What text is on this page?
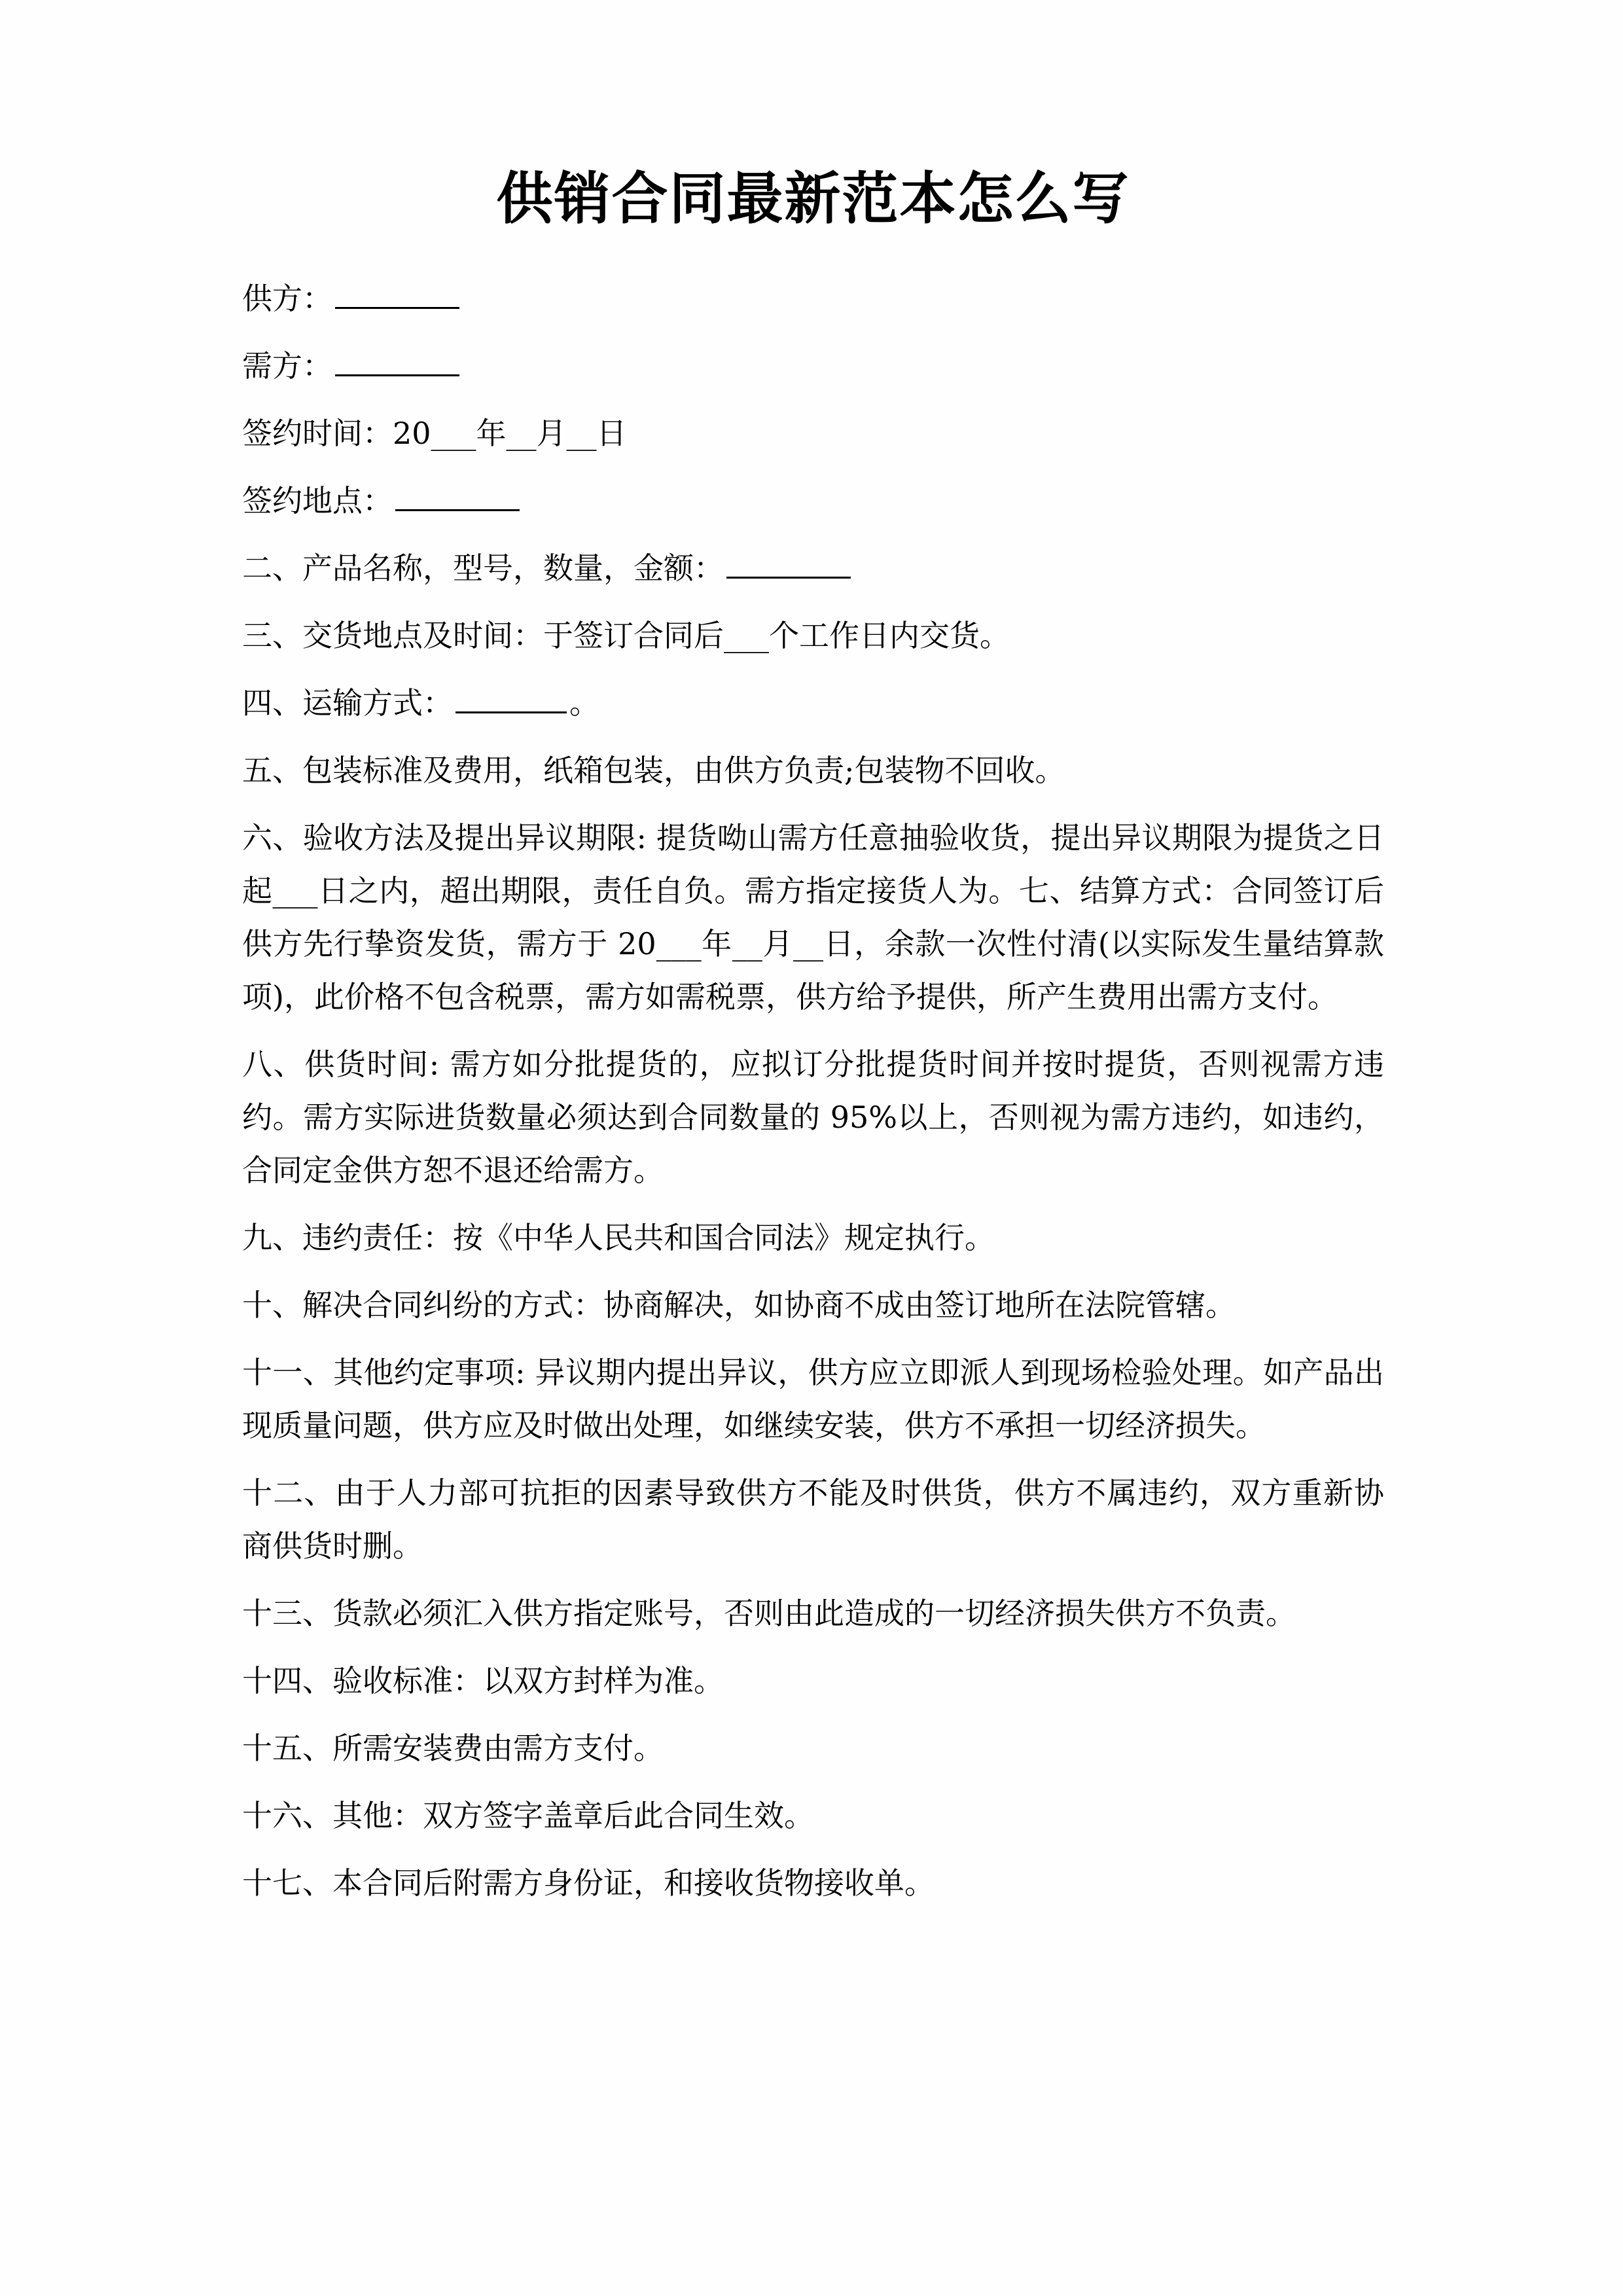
供销合同最新范本怎么写

供方：

需方：

签约时间：20___年__月__日

签约地点：

二、产品名称，型号，数量，金额：

三、交货地点及时间：于签订合同后___个工作日内交货。

四、运输方式：	。

五、包装标准及费用，纸箱包装，由供方负责;包装物不回收。

六、验收方法及提出异议期限: 提货呦山需方任意抽验收货，提出异议期限为提货之日起___日之内，超出期限，责任自负。需方指定接货人为。七、结算方式：合同签订后供方先行挚资发货，需方于 20___年__月__日，余款一次性付清(以实际发生量结算款项)，此价格不包含税票，需方如需税票，供方给予提供，所产生费用出需方支付。

八、供货时间: 需方如分批提货的，应拟订分批提货时间并按时提货，否则视需方违约。需方实际进货数量必须达到合同数量的 95%以上，否则视为需方违约，如违约，合同定金供方恕不退还给需方。

九、违约责任：按《中华人民共和国合同法》规定执行。

十、解决合同纠纷的方式：协商解决，如协商不成由签订地所在法院管辖。

十一、其他约定事项: 异议期内提出异议，供方应立即派人到现场检验处理。如产品出现质量问题，供方应及时做出处理，如继续安装，供方不承担一切经济损失。

十二、由于人力部可抗拒的因素导致供方不能及时供货，供方不属违约，双方重新协商供货时删。

十三、货款必须汇入供方指定账号，否则由此造成的一切经济损失供方不负责。

十四、验收标准：以双方封样为准。

十五、所需安装费由需方支付。

十六、其他：双方签字盖章后此合同生效。

十七、本合同后附需方身份证，和接收货物接收单。
